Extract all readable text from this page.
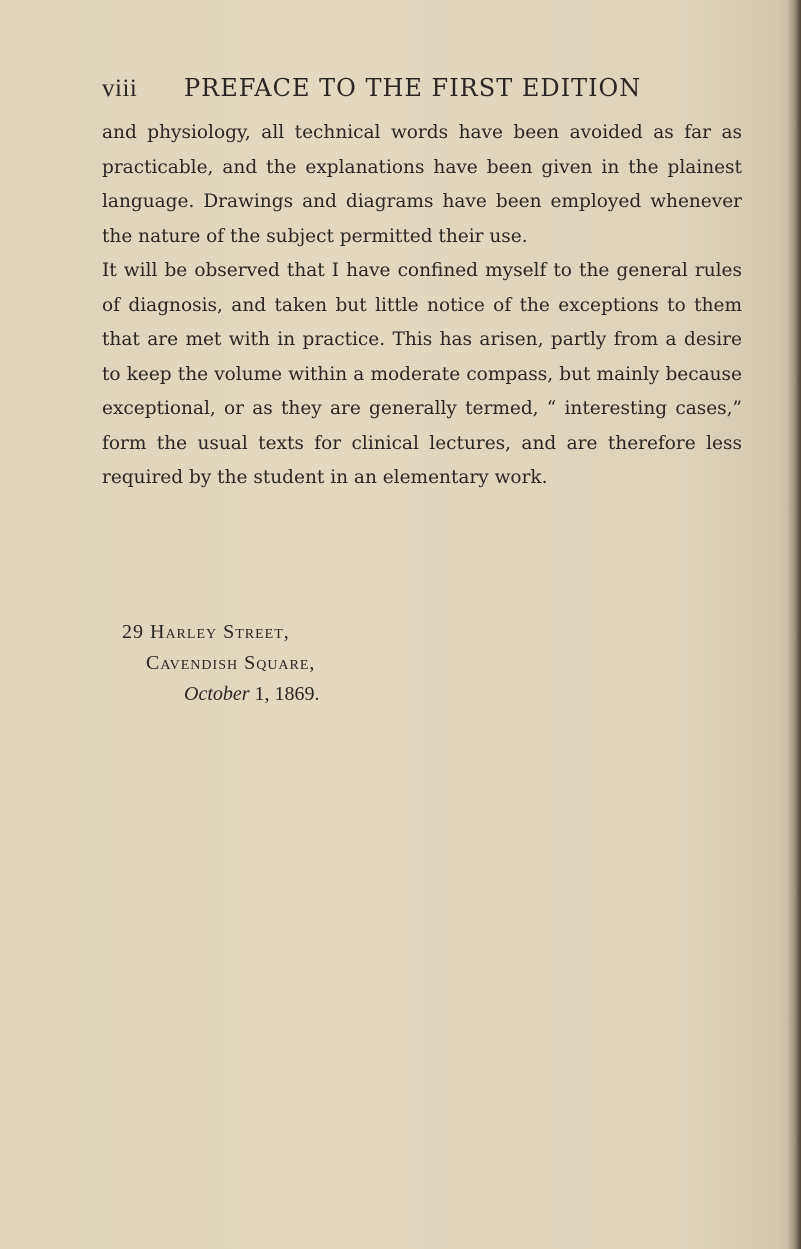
viii	PREFACE TO THE FIRST EDITION

and physiology, all technical words have been avoided as far as practicable, and the explanations have been given in the plainest language. Drawings and diagrams have been employed whenever the nature of the subject permitted their use.

It will be observed that I have confined myself to the general rules of diagnosis, and taken but little notice of the exceptions to them that are met with in practice. This has arisen, partly from a desire to keep the volume within a moderate compass, but mainly because exceptional, or as they are generally termed, “ interesting cases,” form the usual texts for clinical lectures, and are therefore less required by the student in an elementary work.

29 Harley Street,
Cavendish Square,
October 1, 1869.
